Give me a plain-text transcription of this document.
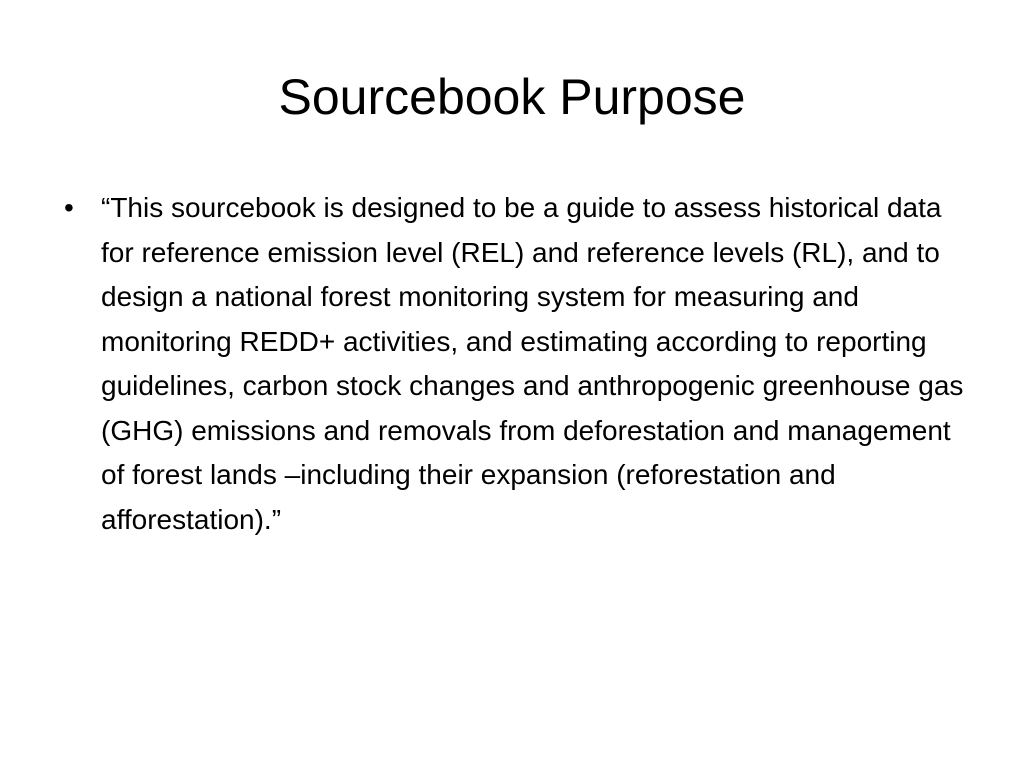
Sourcebook Purpose
• “This sourcebook is designed to be a guide to assess historical data for reference emission level (REL) and reference levels (RL), and to design a national forest monitoring system for measuring and monitoring REDD+ activities, and estimating according to reporting guidelines, carbon stock changes and anthropogenic greenhouse gas (GHG) emissions and removals from deforestation and management of forest lands –including their expansion (reforestation and afforestation).”
